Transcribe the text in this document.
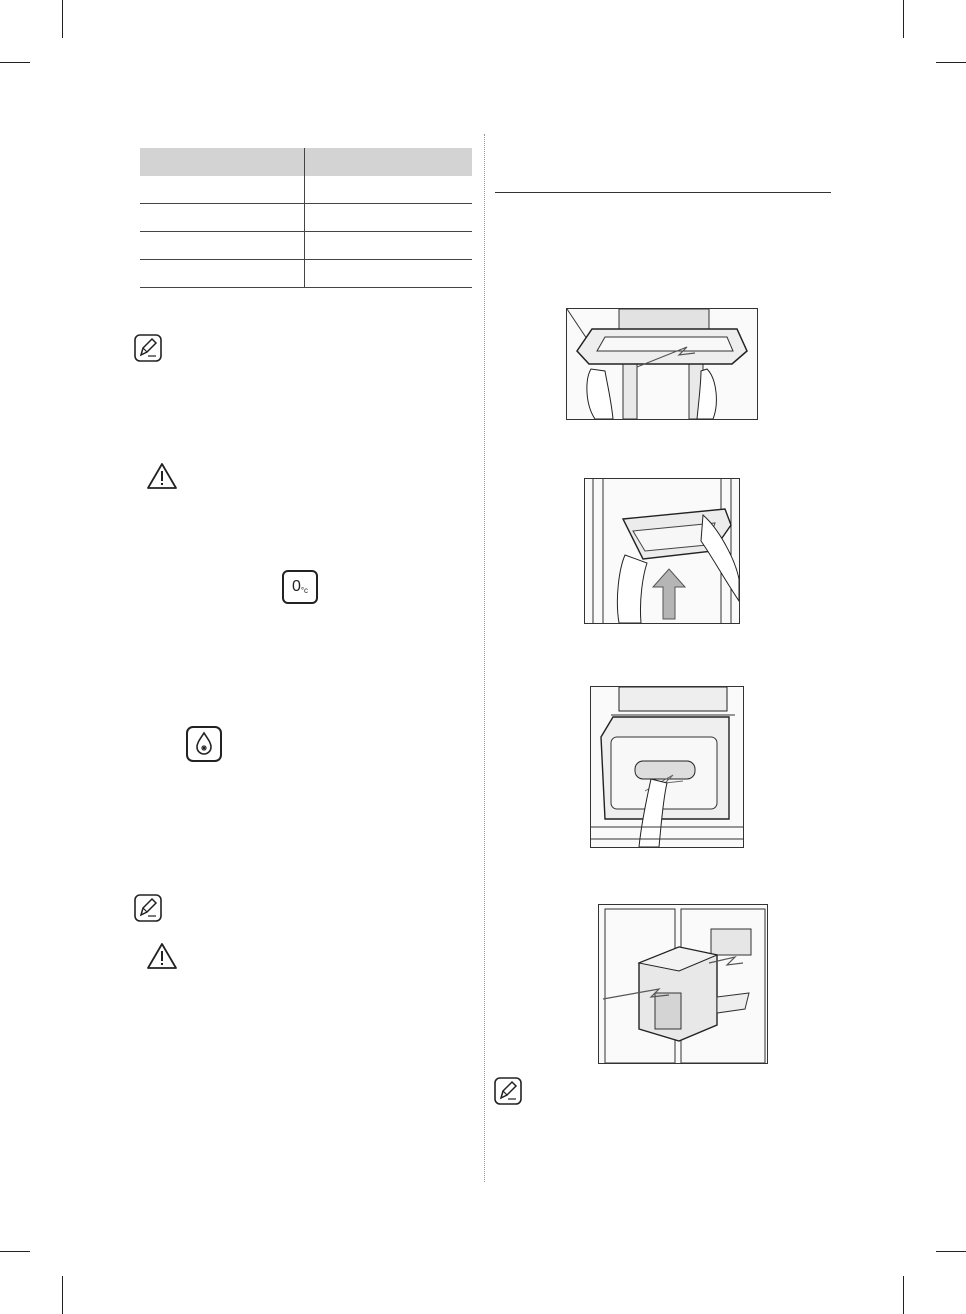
0 °c
